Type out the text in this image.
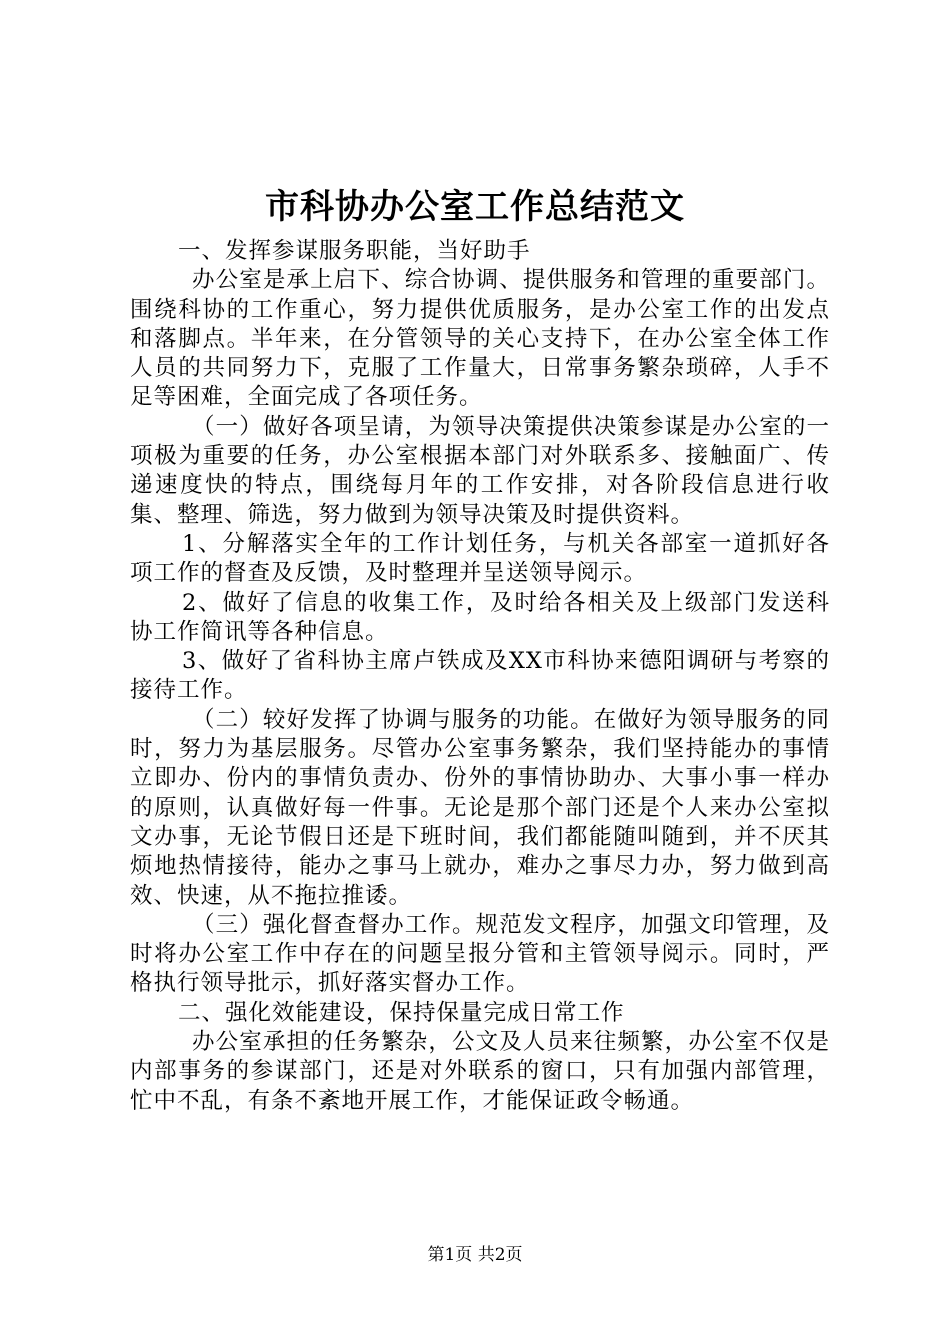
市科协办公室工作总结范文

一、发挥参谋服务职能，当好助手

办公室是承上启下、综合协调、提供服务和管理的重要部门。围绕科协的工作重心，努力提供优质服务，是办公室工作的出发点和落脚点。半年来，在分管领导的关心支持下，在办公室全体工作人员的共同努力下，克服了工作量大，日常事务繁杂琐碎，人手不足等困难，全面完成了各项任务。

（一）做好各项呈请，为领导决策提供决策参谋是办公室的一项极为重要的任务，办公室根据本部门对外联系多、接触面广、传递速度快的特点，围绕每月年的工作安排，对各阶段信息进行收集、整理、筛选，努力做到为领导决策及时提供资料。

1、分解落实全年的工作计划任务，与机关各部室一道抓好各项工作的督查及反馈，及时整理并呈送领导阅示。

2、做好了信息的收集工作，及时给各相关及上级部门发送科协工作简讯等各种信息。

3、做好了省科协主席卢铁成及XX市科协来德阳调研与考察的接待工作。

（二）较好发挥了协调与服务的功能。在做好为领导服务的同时，努力为基层服务。尽管办公室事务繁杂，我们坚持能办的事情立即办、份内的事情负责办、份外的事情协助办、大事小事一样办的原则，认真做好每一件事。无论是那个部门还是个人来办公室拟文办事，无论节假日还是下班时间，我们都能随叫随到，并不厌其烦地热情接待，能办之事马上就办，难办之事尽力办，努力做到高效、快速，从不拖拉推诿。

（三）强化督查督办工作。规范发文程序，加强文印管理，及时将办公室工作中存在的问题呈报分管和主管领导阅示。同时，严格执行领导批示，抓好落实督办工作。

二、强化效能建设，保持保量完成日常工作

办公室承担的任务繁杂，公文及人员来往频繁，办公室不仅是内部事务的参谋部门，还是对外联系的窗口，只有加强内部管理，忙中不乱，有条不紊地开展工作，才能保证政令畅通。

第1页 共2页
